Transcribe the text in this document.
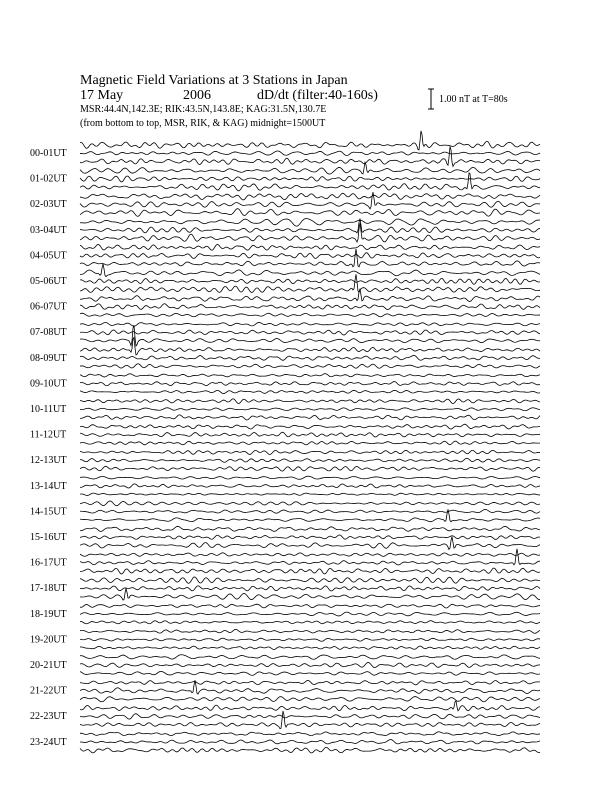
Magnetic Field Variations at 3 Stations in Japan
17 May	2006	dD/dt (filter:40-160s)
MSR:44.4N,142.3E; RIK:43.5N,143.8E; KAG:31.5N,130.7E
(from bottom to top, MSR, RIK, & KAG) midnight=1500UT
1.00 nT at T=80s
00-01UT
01-02UT
02-03UT
03-04UT
04-05UT
05-06UT
06-07UT
07-08UT
08-09UT
09-10UT
10-11UT
11-12UT
12-13UT
13-14UT
14-15UT
15-16UT
16-17UT
17-18UT
18-19UT
19-20UT
20-21UT
21-22UT
22-23UT
23-24UT
